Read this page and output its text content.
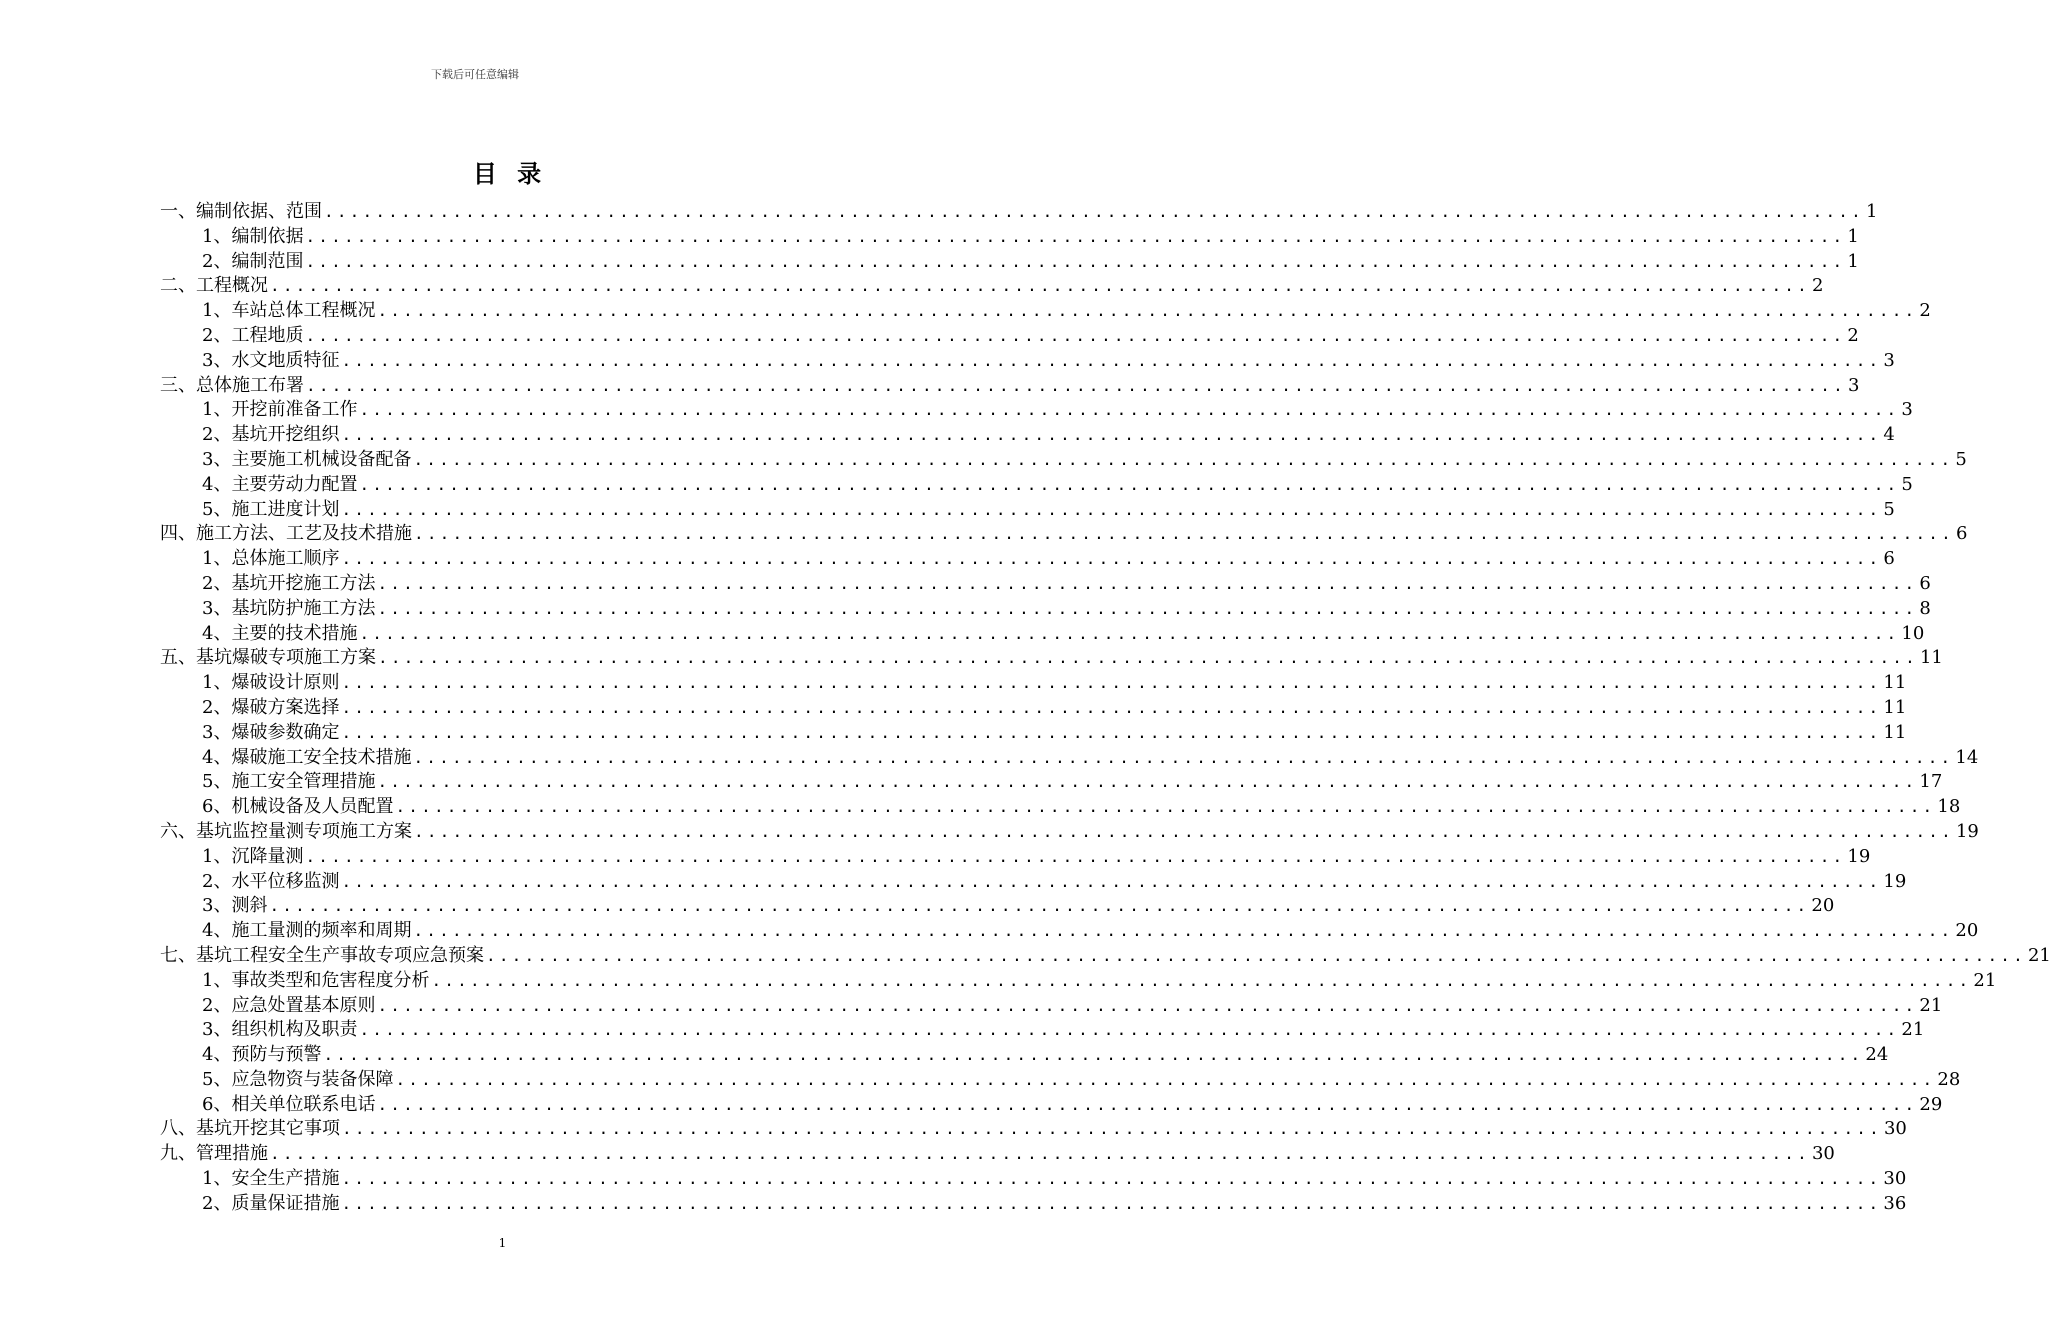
下载后可任意编辑
目 录
一、 编制依据、范围 ........................................................................................................................ 1
1、 编制依据 ........................................................................................................................ 1
2、 编制范围 ........................................................................................................................ 1
二、 工程概况 ........................................................................................................................ 2
1、 车站总体工程概况 ........................................................................................................................ 2
2、 工程地质 ........................................................................................................................ 2
3、 水文地质特征 ........................................................................................................................ 3
三、 总体施工布署 ........................................................................................................................ 3
1、 开挖前准备工作 ........................................................................................................................ 3
2、 基坑开挖组织 ........................................................................................................................ 4
3、 主要施工机械设备配备 ........................................................................................................................ 5
4、 主要劳动力配置 ........................................................................................................................ 5
5、 施工进度计划 ........................................................................................................................ 5
四、 施工方法、工艺及技术措施 ........................................................................................................................ 6
1、 总体施工顺序 ........................................................................................................................ 6
2、 基坑开挖施工方法 ........................................................................................................................ 6
3、 基坑防护施工方法 ........................................................................................................................ 8
4、 主要的技术措施 ........................................................................................................................ 10
五、 基坑爆破专项施工方案 ........................................................................................................................ 11
1、 爆破设计原则 ........................................................................................................................ 11
2、 爆破方案选择 ........................................................................................................................ 11
3、 爆破参数确定 ........................................................................................................................ 11
4、 爆破施工安全技术措施 ........................................................................................................................ 14
5、 施工安全管理措施 ........................................................................................................................ 17
6、 机械设备及人员配置 ........................................................................................................................ 18
六、 基坑监控量测专项施工方案 ........................................................................................................................ 19
1、 沉降量测 ........................................................................................................................ 19
2、 水平位移监测 ........................................................................................................................ 19
3、 测斜 ........................................................................................................................ 20
4、 施工量测的频率和周期 ........................................................................................................................ 20
七、 基坑工程安全生产事故专项应急预案 ........................................................................................................................ 21
1、 事故类型和危害程度分析 ........................................................................................................................ 21
2、 应急处置基本原则 ........................................................................................................................ 21
3、 组织机构及职责 ........................................................................................................................ 21
4、 预防与预警 ........................................................................................................................ 24
5、 应急物资与装备保障 ........................................................................................................................ 28
6、 相关单位联系电话 ........................................................................................................................ 29
八、 基坑开挖其它事项 ........................................................................................................................ 30
九、 管理措施 ........................................................................................................................ 30
1、 安全生产措施 ........................................................................................................................ 30
2、 质量保证措施 ........................................................................................................................ 36
1
